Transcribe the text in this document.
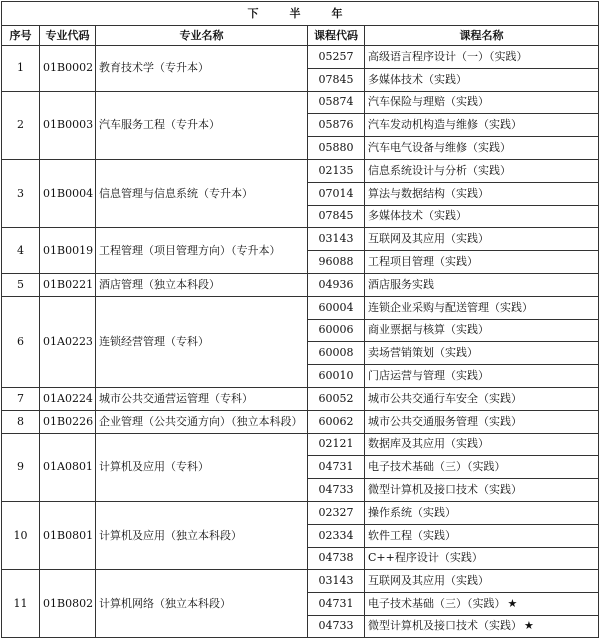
下　半　年				
序号	专业代码	专业名称	课程代码	课程名称
1	01B0002	教育技术学（专升本）	05257	高级语言程序设计（一）（实践）
			07845	多媒体技术（实践）
2	01B0003	汽车服务工程（专升本）	05874	汽车保险与理赔（实践）
			05876	汽车发动机构造与维修（实践）
			05880	汽车电气设备与维修（实践）
3	01B0004	信息管理与信息系统（专升本）	02135	信息系统设计与分析（实践）
			07014	算法与数据结构（实践）
			07845	多媒体技术（实践）
4	01B0019	工程管理（项目管理方向）（专升本）	03143	互联网及其应用（实践）
			96088	工程项目管理（实践）
5	01B0221	酒店管理（独立本科段）	04936	酒店服务实践
6	01A0223	连锁经营管理（专科）	60004	连锁企业采购与配送管理（实践）
			60006	商业票据与核算（实践）
			60008	卖场营销策划（实践）
			60010	门店运营与管理（实践）
7	01A0224	城市公共交通营运管理（专科）	60052	城市公共交通行车安全（实践）
8	01B0226	企业管理（公共交通方向）（独立本科段）	60062	城市公共交通服务管理（实践）
9	01A0801	计算机及应用（专科）	02121	数据库及其应用（实践）
			04731	电子技术基础（三）（实践）
			04733	微型计算机及接口技术（实践）
10	01B0801	计算机及应用（独立本科段）	02327	操作系统（实践）
			02334	软件工程（实践）
			04738	C++程序设计（实践）
11	01B0802	计算机网络（独立本科段）	03143	互联网及其应用（实践）
			04731	电子技术基础（三）（实践） ★
			04733	微型计算机及接口技术（实践） ★
